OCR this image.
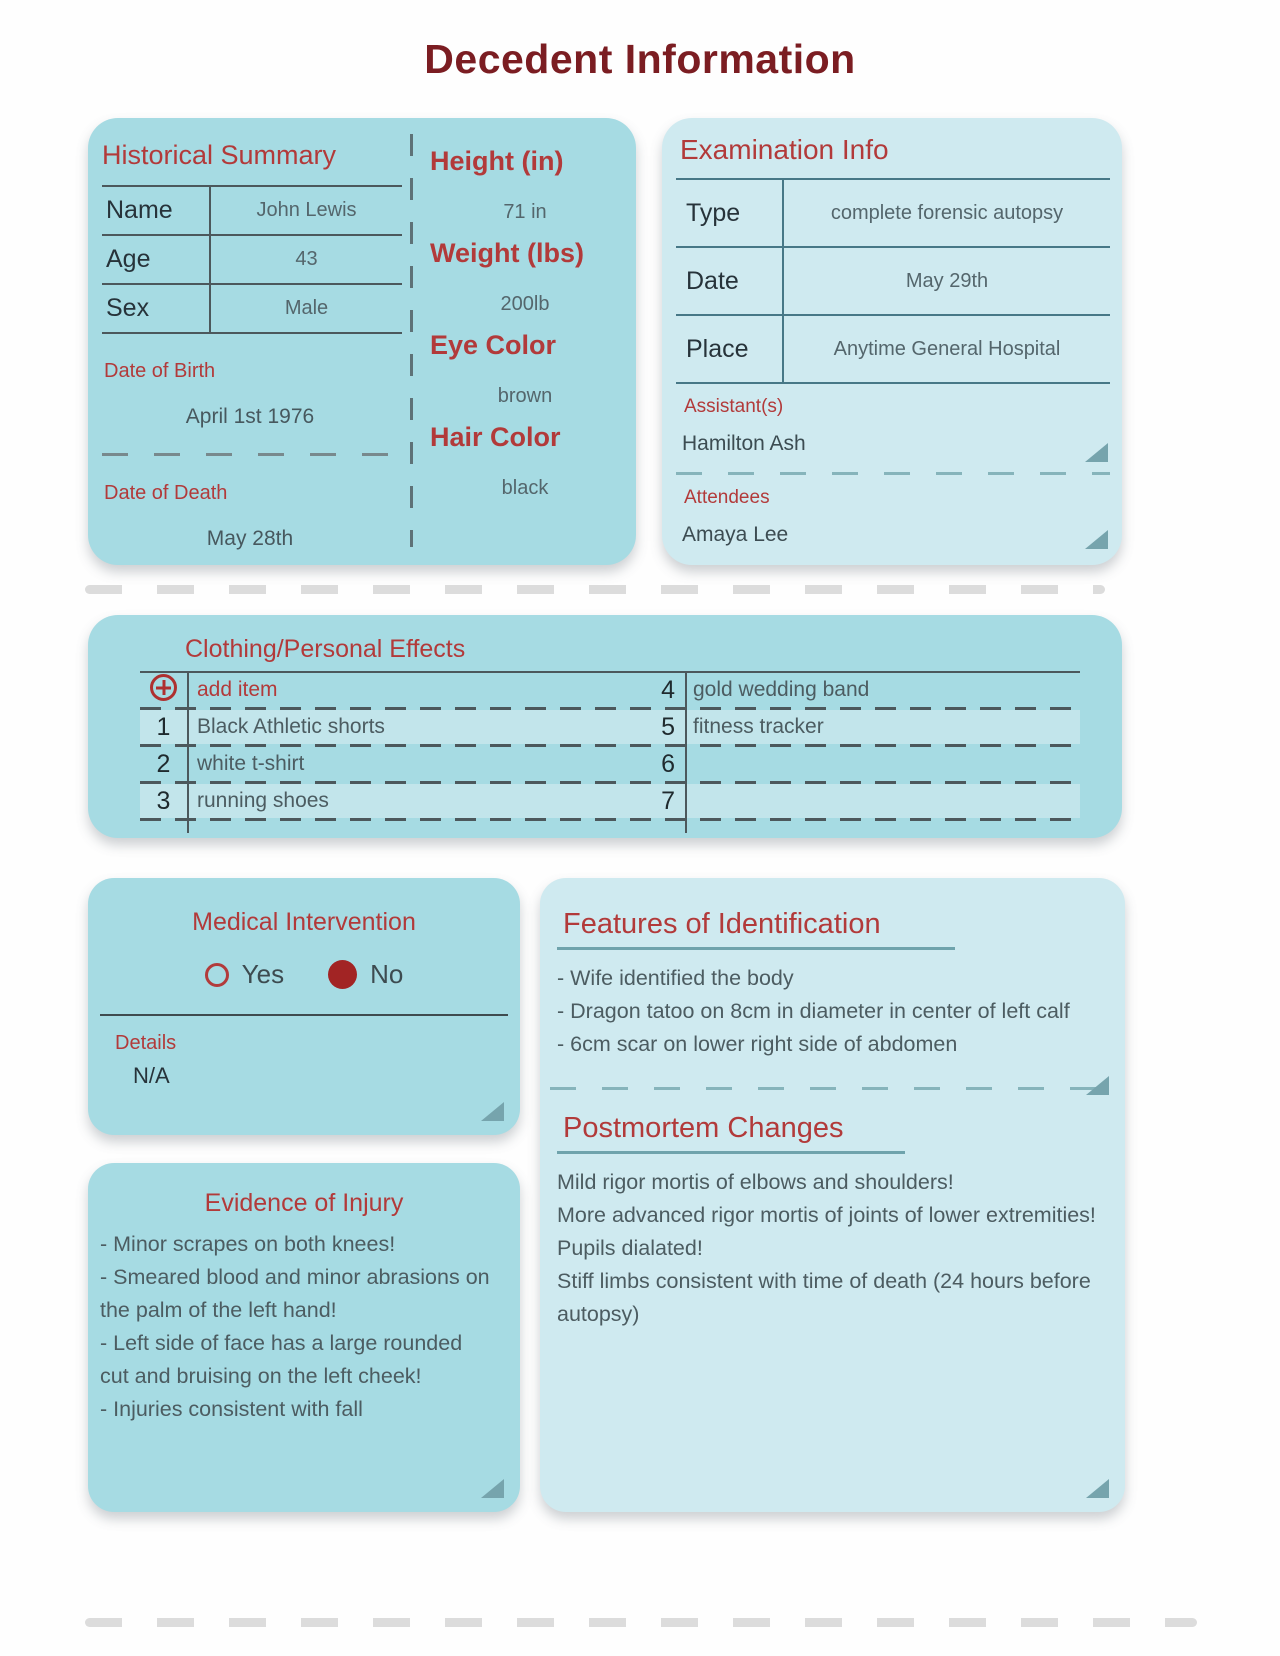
Decedent Information
Historical Summary
Name	John Lewis
Age	43
Sex	Male
Date of Birth
April 1st 1976
Date of Death
May 28th
Height (in)
71 in
Weight (lbs)
200lb
Eye Color
brown
Hair Color
black
Examination Info
Type	complete forensic autopsy
Date	May 29th
Place	Anytime General Hospital
Assistant(s)
Hamilton Ash
Attendees
Amaya Lee
Clothing/Personal Effects
add item	4 gold wedding band
1	Black Athletic shorts	5 fitness tracker
2	white t-shirt	6
3	running shoes	7
Medical Intervention
Yes	No
Details
N/A
Features of Identification

- Wife identified the body

- Dragon tatoo on 8cm in diameter in center of left calf

- 6cm scar on lower right side of abdomen

Postmortem Changes

Mild rigor mortis of elbows and shoulders!

More advanced rigor mortis of joints of lower extremities!

Pupils dialated!

Stiff limbs consistent with time of death (24 hours before autopsy)

Evidence of Injury

- Minor scrapes on both knees!

- Smeared blood and minor abrasions on the palm of the left hand!

- Left side of face has a large rounded cut and bruising on the left cheek!

- Injuries consistent with fall
